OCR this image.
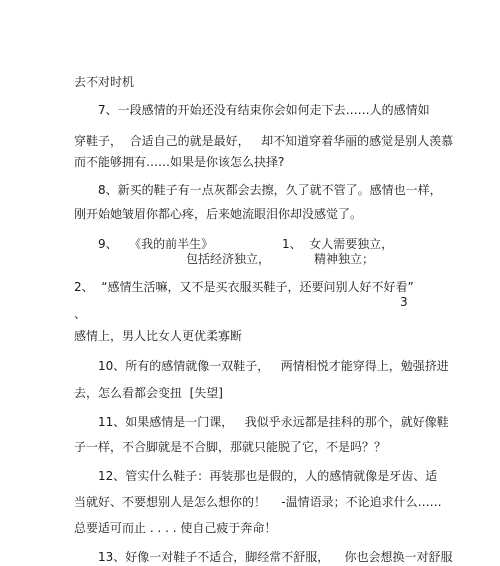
去不对时机
7、一段感情的开始还没有结束你会如何走下去……人的感情如
穿鞋子，  合适自己的就是最好，   却不知道穿着华丽的感觉是别人羡慕
而不能够拥有……如果是你该怎么抉择?
8、新买的鞋子有一点灰都会去擦，久了就不管了。感情也一样，
刚开始她皱眉你都心疼，后来她流眼泪你却没感觉了。
9、   《我的前半生》	1、  女人需要独立，
包括经济独立，	精神独立；
2、  “感情生活嘛，又不是买衣服买鞋子，还要问别人好不好看”
3
、
感情上，男人比女人更优柔寡断
10、所有的感情就像一双鞋子，   两情相悦才能穿得上，勉强挤进
去，怎么看都会变扭  [失望]
11、如果感情是一门课，   我似乎永远都是挂科的那个，就好像鞋
子一样，不合脚就是不合脚，那就只能脱了它，不是吗？？
12、管实什么鞋子：再装那也是假的，人的感情就像是牙齿、适
当就好、不要想别人是怎么想你的！    -温情语录；不论追求什么……
总要适可而止 . . . . 使自己疲于奔命！
13、好像一对鞋子不适合，脚经常不舒服，    你也会想换一对舒服
